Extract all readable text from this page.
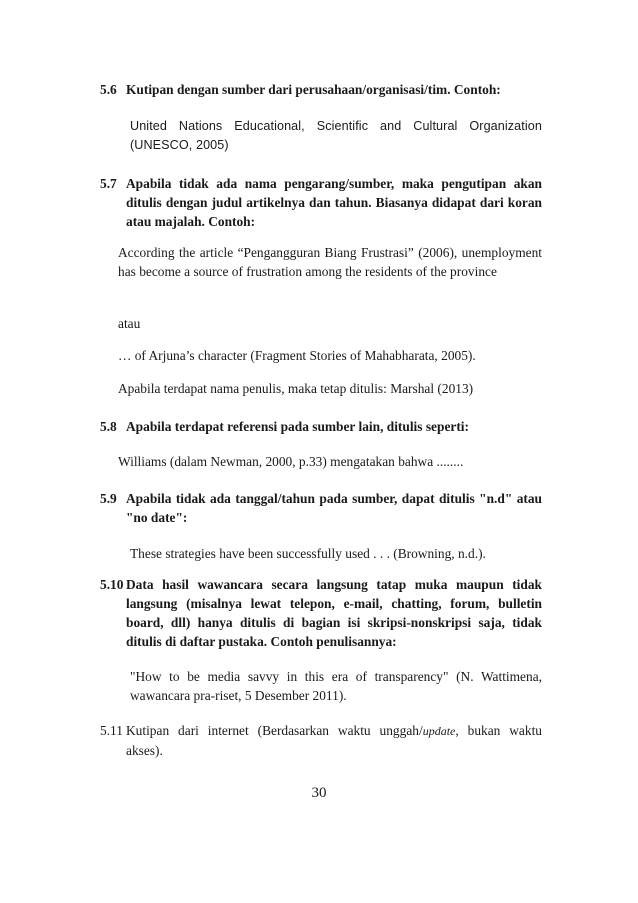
5.6 Kutipan dengan sumber dari perusahaan/organisasi/tim. Contoh:

United Nations Educational, Scientific and Cultural Organization

(UNESCO, 2005)

5.7 Apabila tidak ada nama pengarang/sumber, maka pengutipan akan ditulis dengan judul artikelnya dan tahun. Biasanya didapat dari koran atau majalah. Contoh:

According the article “Pengangguran Biang Frustrasi” (2006), unemployment has become a source of frustration among the residents of the province

atau

… of Arjuna’s character (Fragment Stories of Mahabharata, 2005).

Apabila terdapat nama penulis, maka tetap ditulis: Marshal (2013)

5.8 Apabila terdapat referensi pada sumber lain, ditulis seperti:

Williams (dalam Newman, 2000, p.33) mengatakan bahwa ........

5.9 Apabila tidak ada tanggal/tahun pada sumber, dapat ditulis "n.d" atau "no date":

These strategies have been successfully used . . . (Browning, n.d.).

5.10 Data hasil wawancara secara langsung tatap muka maupun tidak langsung (misalnya lewat telepon, e-mail, chatting, forum, bulletin board, dll) hanya ditulis di bagian isi skripsi-nonskripsi saja, tidak ditulis di daftar pustaka. Contoh penulisannya:

"How to be media savvy in this era of transparency" (N. Wattimena, wawancara pra-riset, 5 Desember 2011).

5.11 Kutipan dari internet (Berdasarkan waktu unggah/update, bukan waktu akses).

30
